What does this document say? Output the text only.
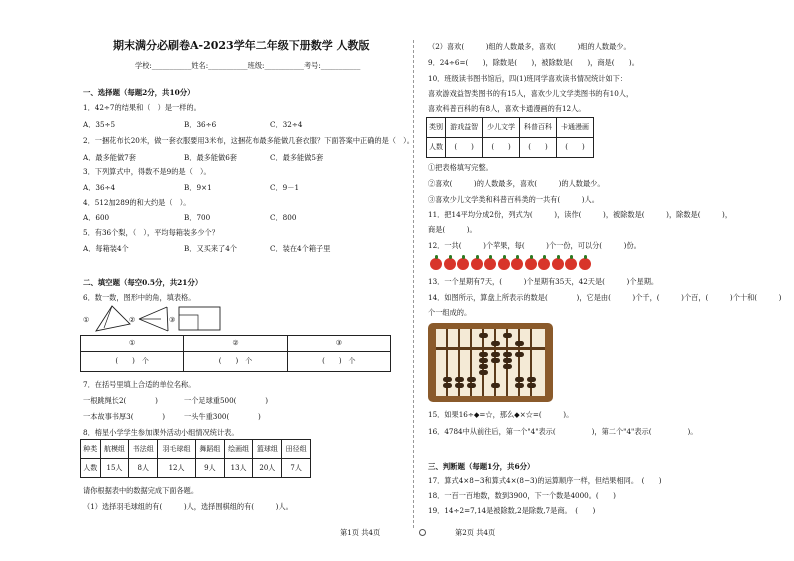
期末满分必刷卷A-2023学年二年级下册数学 人教版
学校:___________姓名:___________班级:___________考号:___________
一、选择题（每题2分，共10分）
1．42÷7的结果和（　）是一样的。
A．35÷5	B．36÷6	C．32÷4
2．一捆花布长20米，做一套衣服要用3米布，这捆花布最多能做几套衣服？下面答案中正确的是（　）。
A．最多能做7套	B．最多能做6套	C．最多能做5套
3．下列算式中，得数不是9的是（　）。
A．36÷4	B．9×1	C．9－1
4．512加289的和大约是（　）。
A．600	B．700	C．800
5．有36个梨，（　），平均每箱装多少个？
A．每箱装4个	B．又买来了4个	C．装在4个箱子里
二、填空题（每空0.5分，共21分）
6．数一数，图形中的角，填表格。
①	②	③
①	②	③
(　　)　个	(　　)　个	(　　)　个
7．在括号里填上合适的单位名称。
一根跳绳长2(　　　　)	一个足球重500(　　　　)
一本故事书厚3(　　　　)	一头牛重300(　　　　)
8．榕星小学学生参加课外活动小组情况统计表。
种类	航模组	书法组	羽毛球组	舞蹈组	绘画组	篮球组	田径组
人数	15人	8人	12人	9人	13人	20人	7人
请你根据表中的数据完成下面各题。
（1）选择羽毛球组的有(　　　)人，选择围棋组的有(　　　)人。
（2）喜欢(　　　)组的人数最多，喜欢(　　　)组的人数最少。
9．24÷6=(　　)，除数是(　　)，被除数是(　　)，商是(　　)。
10．班级读书图书馆后，四(1)班同学喜欢读书情况统计如下：
喜欢游戏益智类图书的有15人，喜欢少儿文学类图书的有10人，
喜欢科普百科的有8人，喜欢卡通漫画的有12人。
类别	游戏益智	少儿文学	科普百科	卡通漫画
人数	(　　)	(　　)	(　　)	(　　)
①把表格填写完整。
②喜欢(　　　)的人数最多，喜欢(　　　)的人数最少。
③喜欢少儿文学类和科普百科类的一共有(　　　)人。
11．把14平均分成2份，列式为(　　　)，读作(　　　)，被除数是(　　　)，除数是(　　　)，
商是(　　　)。
12．一共(　　　)个苹果，每(　　　)个一份，可以分(　　　)份。
13．一个星期有7天，(　　　)个星期有35天，42天是(　　　)个星期。
14．如图所示，算盘上所表示的数是(　　　　)，它是由(　　　)个千，(　　　)个百，(　　　)个十和(　　　)
个一组成的。
15．如果16÷◆=☆，那么◆×☆=(　　　)。
16．4784中从前往后，第一个"4"表示(　　　　　)，第二个"4"表示(　　　　　)。
三、判断题（每题1分，共6分）
17．算式4×8−3和算式4×(8−3)的运算顺序一样，但结果相同。　(　　)
18．一百一百地数，数到3900，下一个数是4000。(　　)
19．14÷2=7,14是被除数,2是除数,7是商。　(　　)
第1页 共4页	第2页 共4页
